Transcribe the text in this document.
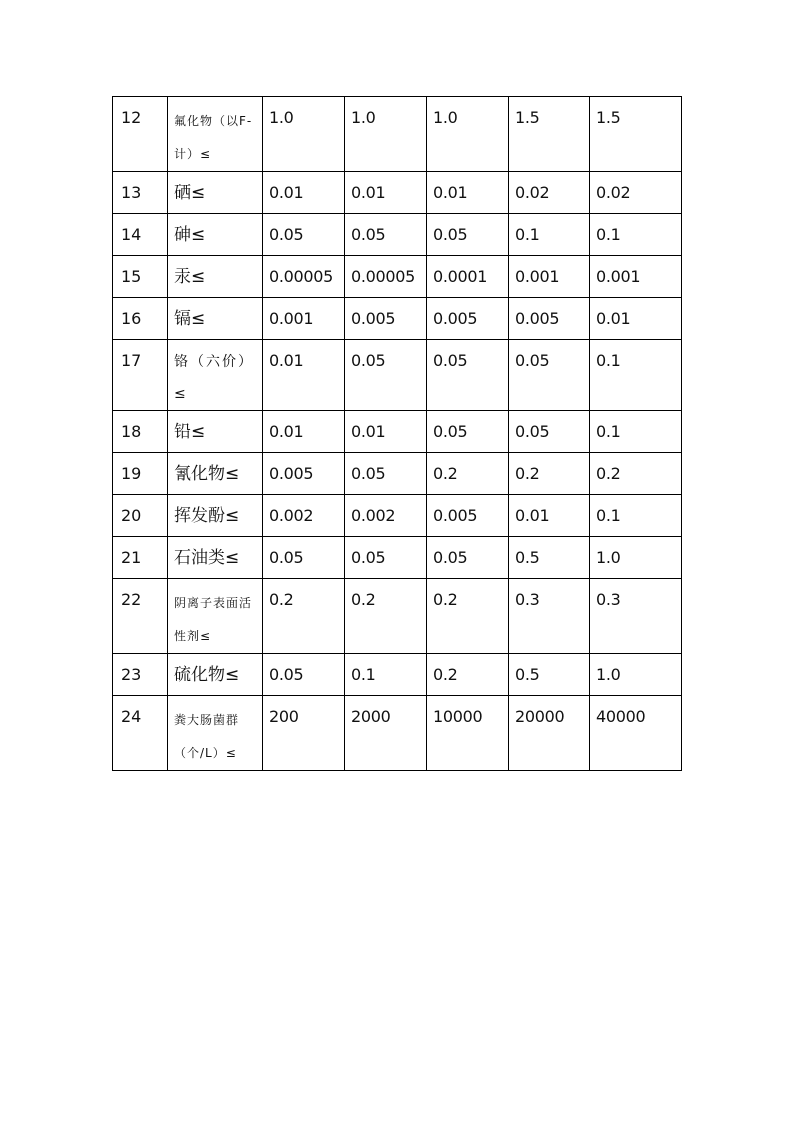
12	氟化物（以F-计）≤	1.0	1.0	1.0	1.5	1.5

13	硒≤	0.01	0.01	0.01	0.02	0.02

14	砷≤	0.05	0.05	0.05	0.1	0.1

15	汞≤	0.00005	0.00005	0.0001	0.001	0.001

16	镉≤	0.001	0.005	0.005	0.005	0.01

17	铬（六价）≤	0.01	0.05	0.05	0.05	0.1

18	铅≤	0.01	0.01	0.05	0.05	0.1

19	氰化物≤	0.005	0.05	0.2	0.2	0.2

20	挥发酚≤	0.002	0.002	0.005	0.01	0.1

21	石油类≤	0.05	0.05	0.05	0.5	1.0

22	阴离子表面活性剂≤	0.2	0.2	0.2	0.3	0.3

23	硫化物≤	0.05	0.1	0.2	0.5	1.0

24	粪大肠菌群（个/L）≤	200	2000	10000	20000	40000
